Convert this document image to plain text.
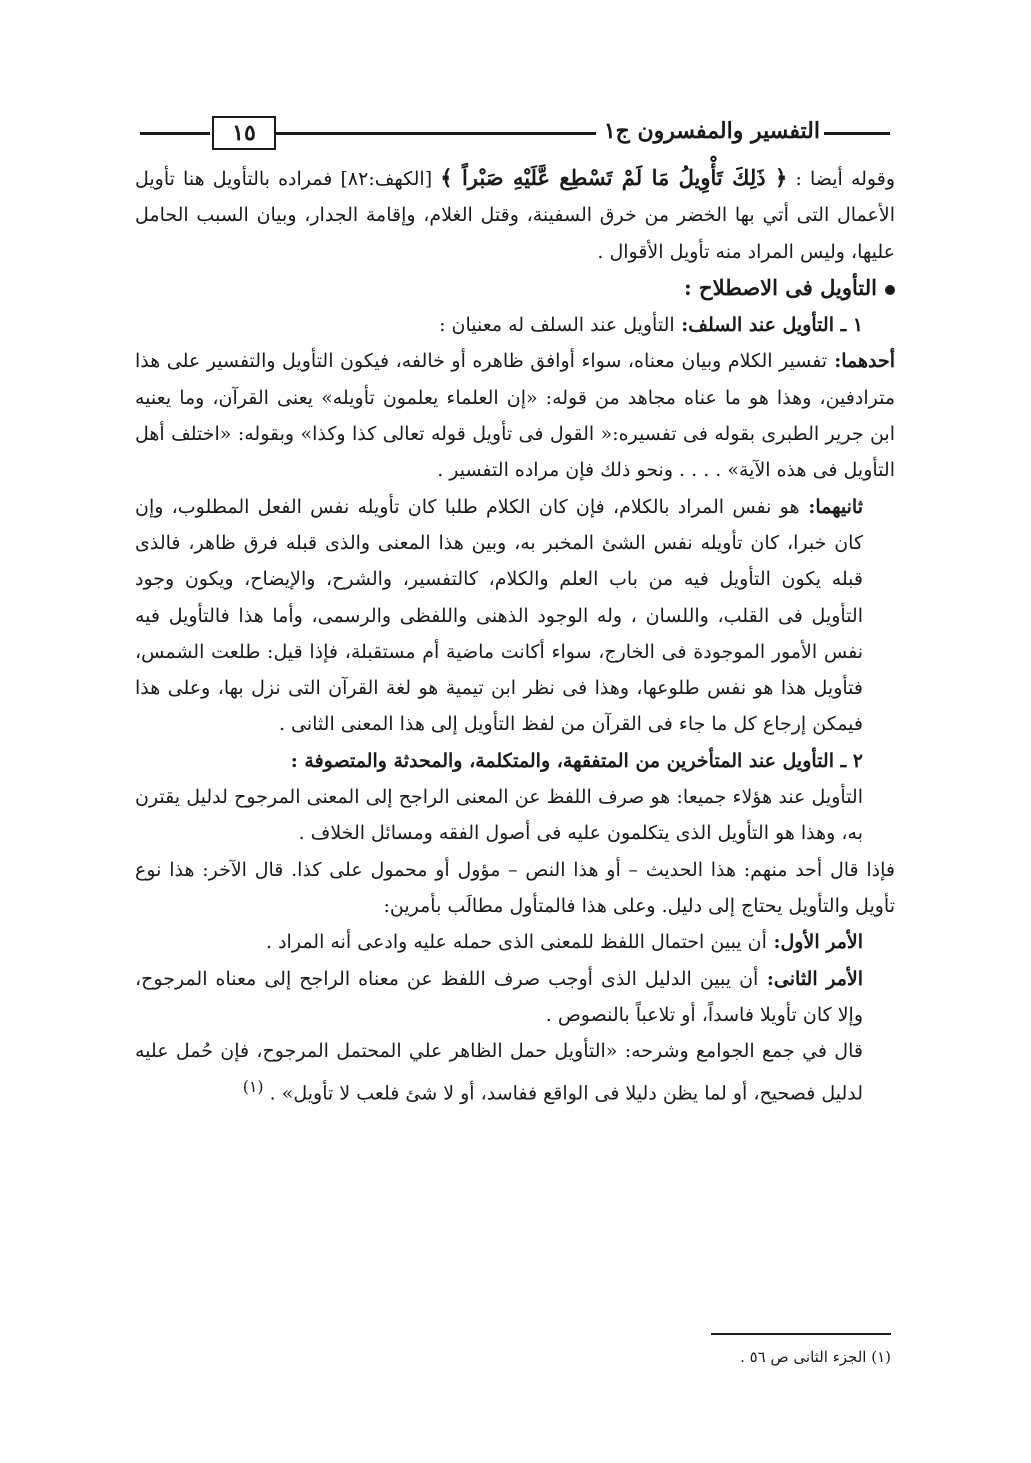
١٥	التفسير والمفسرون ج١

وقوله أيضا : ﴿ ذَلِكَ تَأْوِيلُ مَا لَمْ تَسْطِع عَّلَيْهِ صَبْراً ﴾ [الكهف:٨٢] فمراده بالتأويل هنا تأويل الأعمال التى أتي بها الخضر من خرق السفينة، وقتل الغلام، وإقامة الجدار، وبيان السبب الحامل عليها، وليس المراد منه تأويل الأقوال .

التأويل فى الاصطلاح :

١ ـ التأويل عند السلف: التأويل عند السلف له معنيان :

أحدهما: تفسير الكلام وبيان معناه، سواء أوافق ظاهره أو خالفه، فيكون التأويل والتفسير على هذا مترادفين، وهذا هو ما عناه مجاهد من قوله: «إن العلماء يعلمون تأويله» يعنى القرآن، وما يعنيه ابن جرير الطبرى بقوله فى تفسيره:« القول فى تأويل قوله تعالى كذا وكذا» وبقوله: «اختلف أهل التأويل فى هذه الآية» . . . . ونحو ذلك فإن مراده التفسير .

ثانيهما: هو نفس المراد بالكلام، فإن كان الكلام طلبا كان تأويله نفس الفعل المطلوب، وإن كان خبرا، كان تأويله نفس الشئ المخبر به، وبين هذا المعنى والذى قبله فرق ظاهر، فالذى قبله يكون التأويل فيه من باب العلم والكلام، كالتفسير، والشرح، والإيضاح، ويكون وجود التأويل فى القلب، واللسان ، وله الوجود الذهنى واللفظى والرسمى، وأما هذا فالتأويل فيه نفس الأمور الموجودة فى الخارج، سواء أكانت ماضية أم مستقبلة، فإذا قيل: طلعت الشمس، فتأويل هذا هو نفس طلوعها، وهذا فى نظر ابن تيمية هو لغة القرآن التى نزل بها، وعلى هذا فيمكن إرجاع كل ما جاء فى القرآن من لفظ التأويل إلى هذا المعنى الثانى .

٢ ـ التأويل عند المتأخرين من المتفقهة، والمتكلمة، والمحدثة والمتصوفة :

التأويل عند هؤلاء جميعا: هو صرف اللفظ عن المعنى الراجح إلى المعنى المرجوح لدليل يقترن به، وهذا هو التأويل الذى يتكلمون عليه فى أصول الفقه ومسائل الخلاف .

فإذا قال أحد منهم: هذا الحديث – أو هذا النص – مؤول أو محمول على كذا. قال الآخر: هذا نوع تأويل والتأويل يحتاج إلى دليل. وعلى هذا فالمتأول مطالَب بأمرين:

الأمر الأول: أن يبين احتمال اللفظ للمعنى الذى حمله عليه وادعى أنه المراد .

الأمر الثانى: أن يبين الدليل الذى أوجب صرف اللفظ عن معناه الراجح إلى معناه المرجوح، وإلا كان تأويلا فاسداً، أو تلاعباً بالنصوص .

قال في جمع الجوامع وشرحه: «التأويل حمل الظاهر علي المحتمل المرجوح، فإن حُمل عليه لدليل فصحيح، أو لما يظن دليلا فى الواقع ففاسد، أو لا شئ فلعب لا تأويل» . $^{(١)}$

(١) الجزء الثانى ص ٥٦ .
